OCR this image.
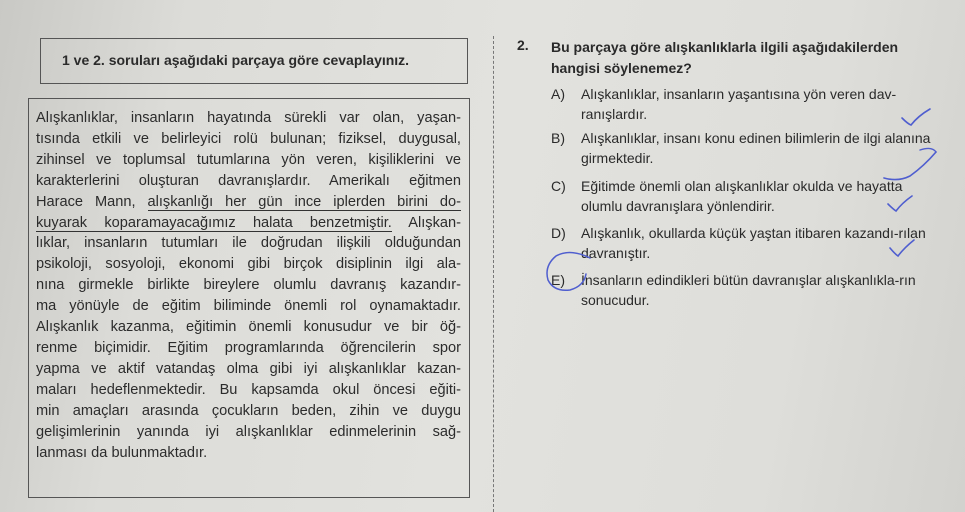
1 ve 2. soruları aşağıdaki parçaya göre cevaplayınız.
Alışkanlıklar, insanların hayatında sürekli var olan, yaşan-
tısında etkili ve belirleyici rolü bulunan; fiziksel, duygusal,
zihinsel ve toplumsal tutumlarına yön veren, kişiliklerini ve
karakterlerini oluşturan davranışlardır. Amerikalı eğitmen
Harace Mann, alışkanlığı her gün ince iplerden birini do-
kuyarak koparamayacağımız halata benzetmiştir. Alışkan-
lıklar, insanların tutumları ile doğrudan ilişkili olduğundan
psikoloji, sosyoloji, ekonomi gibi birçok disiplinin ilgi ala-
nına girmekle birlikte bireylere olumlu davranış kazandır-
ma yönüyle de eğitim biliminde önemli rol oynamaktadır.
Alışkanlık kazanma, eğitimin önemli konusudur ve bir öğ-
renme biçimidir. Eğitim programlarında öğrencilerin spor
yapma ve aktif vatandaş olma gibi iyi alışkanlıklar kazan-
maları hedeflenmektedir. Bu kapsamda okul öncesi eğiti-
min amaçları arasında çocukların beden, zihin ve duygu
gelişimlerinin yanında iyi alışkanlıklar edinmelerinin sağ-
lanması da bulunmaktadır.
2. Bu parçaya göre alışkanlıklarla ilgili aşağıdakilerden hangisi söylenemez?
A)	Alışkanlıklar, insanların yaşantısına yön veren dav-ranışlardır.
B)	Alışkanlıklar, insanı konu edinen bilimlerin de ilgi alanına girmektedir.
C)	Eğitimde önemli olan alışkanlıklar okulda ve hayatta olumlu davranışlara yönlendirir.
D)	Alışkanlık, okullarda küçük yaştan itibaren kazandı-rılan davranıştır.
E)	İnsanların edindikleri bütün davranışlar alışkanlıkla-rın sonucudur.
